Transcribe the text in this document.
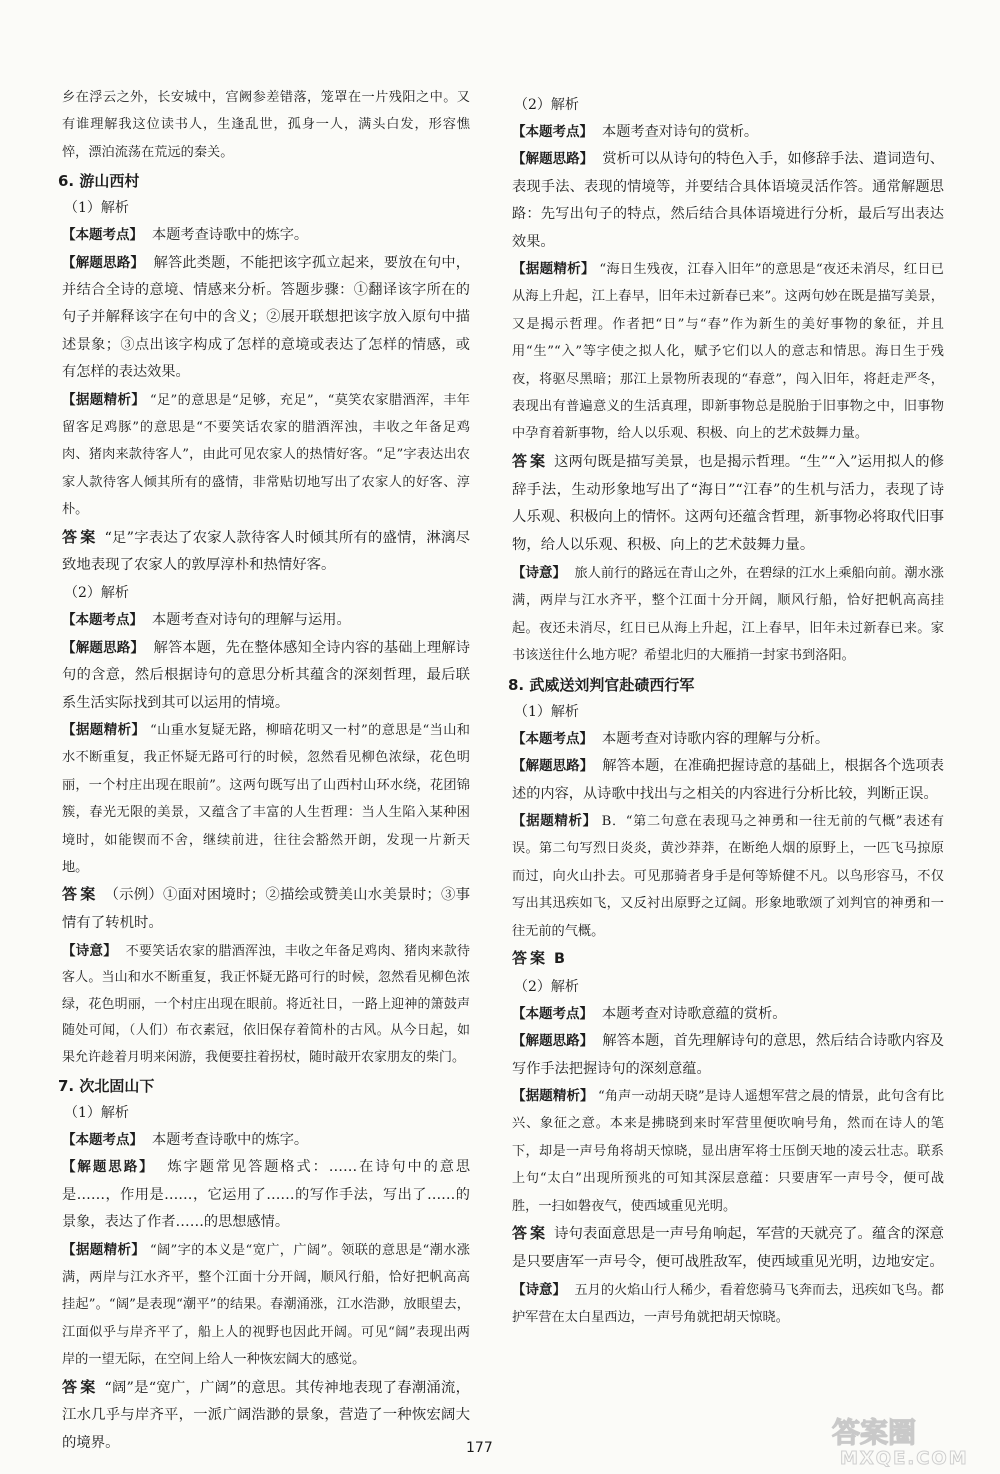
乡在浮云之外，长安城中，宫阙参差错落，笼罩在一片残阳之中。又有谁理解我这位读书人，生逢乱世，孤身一人，满头白发，形容憔悴，漂泊流荡在荒远的秦关。

6. 游山西村
（1）解析

【本题考点】 本题考查诗歌中的炼字。

【解题思路】 解答此类题，不能把该字孤立起来，要放在句中，并结合全诗的意境、情感来分析。答题步骤：①翻译该字所在的句子并解释该字在句中的含义；②展开联想把该字放入原句中描述景象；③点出该字构成了怎样的意境或表达了怎样的情感，或有怎样的表达效果。

【据题精析】 “足”的意思是“足够，充足”，“莫笑农家腊酒浑，丰年留客足鸡豚”的意思是“不要笑话农家的腊酒浑浊，丰收之年备足鸡肉、猪肉来款待客人”，由此可见农家人的热情好客。“足”字表达出农家人款待客人倾其所有的盛情，非常贴切地写出了农家人的好客、淳朴。

答案 “足”字表达了农家人款待客人时倾其所有的盛情，淋漓尽致地表现了农家人的敦厚淳朴和热情好客。

（2）解析

【本题考点】 本题考查对诗句的理解与运用。

【解题思路】 解答本题，先在整体感知全诗内容的基础上理解诗句的含意，然后根据诗句的意思分析其蕴含的深刻哲理，最后联系生活实际找到其可以运用的情境。

【据题精析】 “山重水复疑无路，柳暗花明又一村”的意思是“当山和水不断重复，我正怀疑无路可行的时候，忽然看见柳色浓绿，花色明丽，一个村庄出现在眼前”。这两句既写出了山西村山环水绕，花团锦簇，春光无限的美景，又蕴含了丰富的人生哲理：当人生陷入某种困境时，如能锲而不舍，继续前进，往往会豁然开朗，发现一片新天地。

答案 （示例）①面对困境时；②描绘或赞美山水美景时；③事情有了转机时。

【诗意】 不要笑话农家的腊酒浑浊，丰收之年备足鸡肉、猪肉来款待客人。当山和水不断重复，我正怀疑无路可行的时候，忽然看见柳色浓绿，花色明丽，一个村庄出现在眼前。将近社日，一路上迎神的箫鼓声随处可闻，（人们）布衣素冠，依旧保存着简朴的古风。从今日起，如果允许趁着月明来闲游，我便要拄着拐杖，随时敲开农家朋友的柴门。

7. 次北固山下
（1）解析

【本题考点】 本题考查诗歌中的炼字。

【解题思路】 炼字题常见答题格式：……在诗句中的意思是……，作用是……，它运用了……的写作手法，写出了……的景象，表达了作者……的思想感情。

【据题精析】 “阔”字的本义是“宽广，广阔”。领联的意思是“潮水涨满，两岸与江水齐平，整个江面十分开阔，顺风行船，恰好把帆高高挂起”。“阔”是表现“潮平”的结果。春潮涌涨，江水浩渺，放眼望去，江面似乎与岸齐平了，船上人的视野也因此开阔。可见“阔”表现出两岸的一望无际，在空间上给人一种恢宏阔大的感觉。

答案 “阔”是“宽广，广阔”的意思。其传神地表现了春潮涌流，江水几乎与岸齐平，一派广阔浩渺的景象，营造了一种恢宏阔大的境界。

（2）解析

【本题考点】 本题考查对诗句的赏析。

【解题思路】 赏析可以从诗句的特色入手，如修辞手法、遣词造句、表现手法、表现的情境等，并要结合具体语境灵活作答。通常解题思路：先写出句子的特点，然后结合具体语境进行分析，最后写出表达效果。

【据题精析】 “海日生残夜，江春入旧年”的意思是“夜还未消尽，红日已从海上升起，江上春早，旧年未过新春已来”。这两句妙在既是描写美景，又是揭示哲理。作者把“日”与“春”作为新生的美好事物的象征，并且用“生”“入”等字使之拟人化，赋予它们以人的意志和情思。海日生于残夜，将驱尽黑暗；那江上景物所表现的“春意”，闯入旧年，将赶走严冬，表现出有普遍意义的生活真理，即新事物总是脱胎于旧事物之中，旧事物中孕育着新事物，给人以乐观、积极、向上的艺术鼓舞力量。

答案 这两句既是描写美景，也是揭示哲理。“生”“入”运用拟人的修辞手法，生动形象地写出了“海日”“江春”的生机与活力，表现了诗人乐观、积极向上的情怀。这两句还蕴含哲理，新事物必将取代旧事物，给人以乐观、积极、向上的艺术鼓舞力量。

【诗意】 旅人前行的路远在青山之外，在碧绿的江水上乘船向前。潮水涨满，两岸与江水齐平，整个江面十分开阔，顺风行船，恰好把帆高高挂起。夜还未消尽，红日已从海上升起，江上春早，旧年未过新春已来。家书该送往什么地方呢？希望北归的大雁捎一封家书到洛阳。

8. 武威送刘判官赴碛西行军
（1）解析

【本题考点】 本题考查对诗歌内容的理解与分析。

【解题思路】 解答本题，在准确把握诗意的基础上，根据各个选项表述的内容，从诗歌中找出与之相关的内容进行分析比较，判断正误。

【据题精析】 B．“第二句意在表现马之神勇和一往无前的气概”表述有误。第二句写烈日炎炎，黄沙莽莽，在断绝人烟的原野上，一匹飞马掠原而过，向火山扑去。可见那骑者身手是何等矫健不凡。以鸟形容马，不仅写出其迅疾如飞，又反衬出原野之辽阔。形象地歌颂了刘判官的神勇和一往无前的气概。

答案 B

（2）解析

【本题考点】 本题考查对诗歌意蕴的赏析。

【解题思路】 解答本题，首先理解诗句的意思，然后结合诗歌内容及写作手法把握诗句的深刻意蕴。

【据题精析】 “角声一动胡天晓”是诗人遥想军营之晨的情景，此句含有比兴、象征之意。本来是拂晓到来时军营里便吹响号角，然而在诗人的笔下，却是一声号角将胡天惊晓，显出唐军将士压倒天地的凌云壮志。联系上句“太白”出现所预兆的可知其深层意蕴：只要唐军一声号令，便可战胜，一扫如磐夜气，使西域重见光明。

答案 诗句表面意思是一声号角响起，军营的天就亮了。蕴含的深意是只要唐军一声号令，便可战胜敌军，使西域重见光明，边地安定。

【诗意】 五月的火焰山行人稀少，看着您骑马飞奔而去，迅疾如飞鸟。都护军营在太白星西边，一声号角就把胡天惊晓。

177	答案圈
MXQE.COM
